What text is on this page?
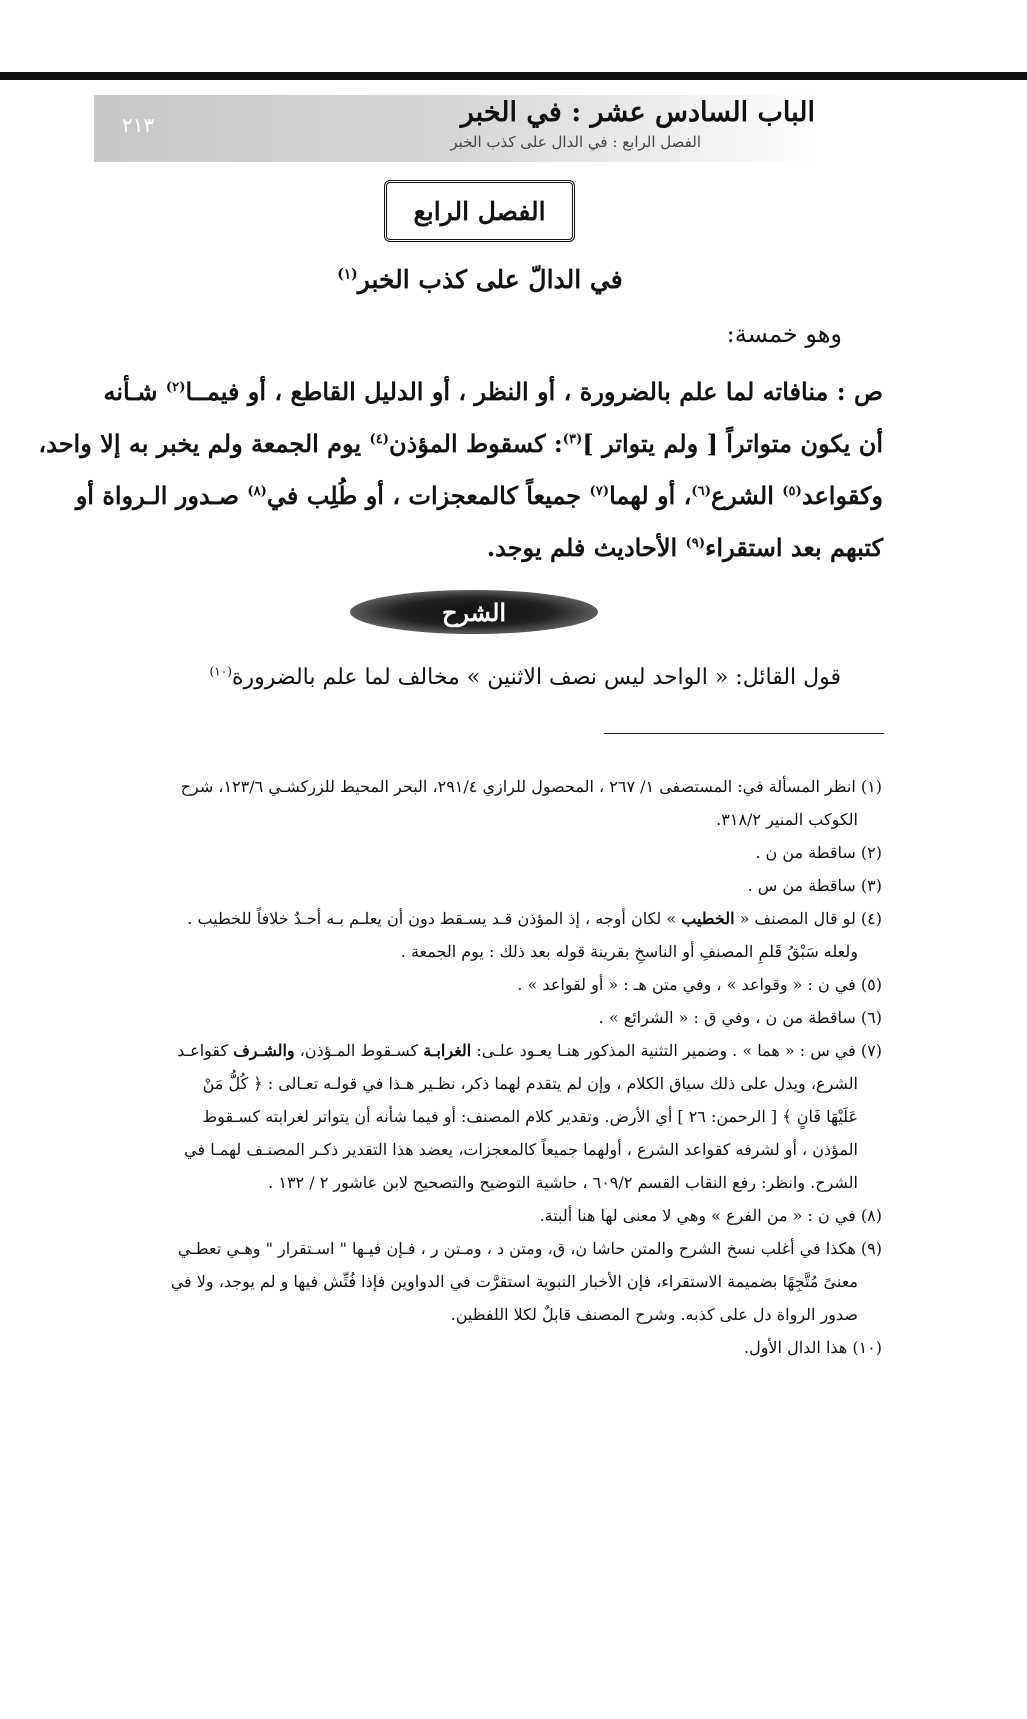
٢١٣	الباب السادس عشر : في الخبر
الفصل الرابع : في الدال على كذب الخبر
الفصل الرابع
في الدالّ على كذب الخبر$^{(١)}$
وهو خمسة:

ص : منافاته لما علم بالضرورة ، أو النظر ، أو الدليل القاطع ، أو فيمــا$^{(٢)}$ شـأنه

أن يكون متواتراً [ ولم يتواتر ]$^{(٣)}$: كسقوط المؤذن$^{(٤)}$ يوم الجمعة ولم يخبر به إلا واحد،

وكقواعد$^{(٥)}$ الشرع$^{(٦)}$، أو لهما$^{(٧)}$ جميعاً كالمعجزات ، أو طُلِب في$^{(٨)}$ صـدور الـرواة أو

كتبهم بعد استقراء$^{(٩)}$ الأحاديث فلم يوجد.

الشرح
قول القائل: « الواحد ليس نصف الاثنين » مخالف لما علم بالضرورة$^{(١٠)}$

(١) انظر المسألة في: المستصفى ١/ ٢٦٧ ، المحصول للرازي ٢٩١/٤، البحر المحيط للزركشـي ١٢٣/٦، شرح

الكوكب المنير ٣١٨/٢.

(٢) ساقطة من ن .

(٣) ساقطة من س .

(٤) لو قال المصنف « الخطيب » لكان أوجه ، إذ المؤذن قـد يسـقط دون أن يعلـم بـه أحـدٌ خلافاً للخطيب .

ولعله سَبْقُ قَلمِ المصنفِ أو الناسخِ بقرينة قوله بعد ذلك : يوم الجمعة .

(٥) في ن : « وقواعد » ، وفي متن هـ : « أو لقواعد » .

(٦) ساقطة من ن ، وفي ق : « الشرائع » .

(٧) في س : « هما » . وضمير التثنية المذكور هنـا يعـود علـى: الغرابـة كسـقوط المـؤذن، والشـرف كقواعـد

الشرع، ويدل على ذلك سياق الكلام ، وإن لم يتقدم لهما ذكر، نظـير هـذا في قولـه تعـالى : ﴿ كُلُّ مَنْ

عَلَيْهَا فَانٍ ﴾ [ الرحمن: ٢٦ ] أي الأرض. وتقدير كلام المصنف: أو فيما شأنه أن يتواتر لغرابته كسـقوط

المؤذن ، أو لشرفه كقواعد الشرع ، أولهما جميعاً كالمعجزات، يعضد هذا التقدير ذكـر المصنـف لهمـا في

الشرح. وانظر: رفع النقاب القسم ٦٠٩/٢ ، حاشية التوضيح والتصحيح لابن عاشور ٢ / ١٣٢ .

(٨) في ن : « من الفرع » وهي لا معنى لها هنا ألبتة.

(٩) هكذا في أغلب نسخ الشرح والمتن حاشا ن، ق، ومتن د ، ومـتن ر ، فـإن فيـها " اسـتقرار " وهـي تعطـي

معنىً مُتَّجِهًا بضميمة الاستقراء، فإن الأخبار النبوية استقرَّت في الدواوين فإذا فُتِّش فيها و لم يوجد، ولا في

صدور الرواة دل على كذبه. وشرح المصنف قابلٌ لكلا اللفظين.

(١٠) هذا الدال الأول.
